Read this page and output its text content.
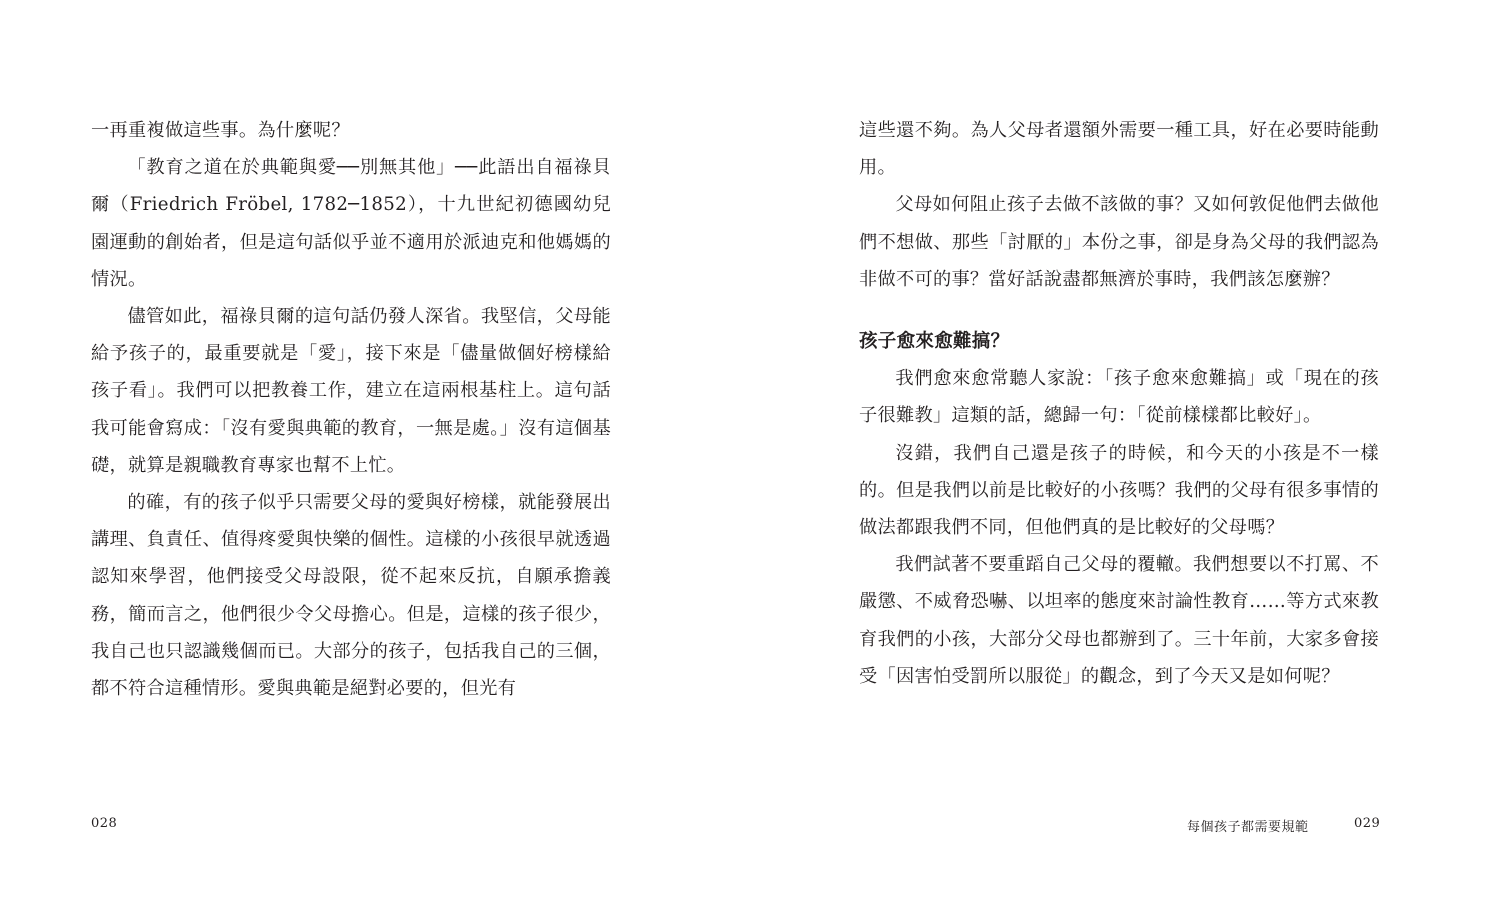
一再重複做這些事。為什麼呢？

「教育之道在於典範與愛──別無其他」──此語出自福祿貝爾（Friedrich Fröbel, 1782─1852），十九世紀初德國幼兒園運動的創始者，但是這句話似乎並不適用於派迪克和他媽媽的情況。

儘管如此，福祿貝爾的這句話仍發人深省。我堅信，父母能給予孩子的，最重要就是「愛」，接下來是「儘量做個好榜樣給孩子看」。我們可以把教養工作，建立在這兩根基柱上。這句話我可能會寫成：「沒有愛與典範的教育，一無是處。」沒有這個基礎，就算是親職教育專家也幫不上忙。

的確，有的孩子似乎只需要父母的愛與好榜樣，就能發展出講理、負責任、值得疼愛與快樂的個性。這樣的小孩很早就透過認知來學習，他們接受父母設限，從不起來反抗，自願承擔義務，簡而言之，他們很少令父母擔心。但是，這樣的孩子很少，我自己也只認識幾個而已。大部分的孩子，包括我自己的三個，都不符合這種情形。愛與典範是絕對必要的，但光有

028

這些還不夠。為人父母者還額外需要一種工具，好在必要時能動用。

父母如何阻止孩子去做不該做的事？又如何敦促他們去做他們不想做、那些「討厭的」本份之事，卻是身為父母的我們認為非做不可的事？當好話說盡都無濟於事時，我們該怎麼辦？

孩子愈來愈難搞？

我們愈來愈常聽人家說：「孩子愈來愈難搞」或「現在的孩子很難教」這類的話，總歸一句：「從前樣樣都比較好」。

沒錯，我們自己還是孩子的時候，和今天的小孩是不一樣的。但是我們以前是比較好的小孩嗎？我們的父母有很多事情的做法都跟我們不同，但他們真的是比較好的父母嗎？

我們試著不要重蹈自己父母的覆轍。我們想要以不打罵、不嚴懲、不威脅恐嚇、以坦率的態度來討論性教育……等方式來教育我們的小孩，大部分父母也都辦到了。三十年前，大家多會接受「因害怕受罰所以服從」的觀念，到了今天又是如何呢？

每個孩子都需要規範	029
